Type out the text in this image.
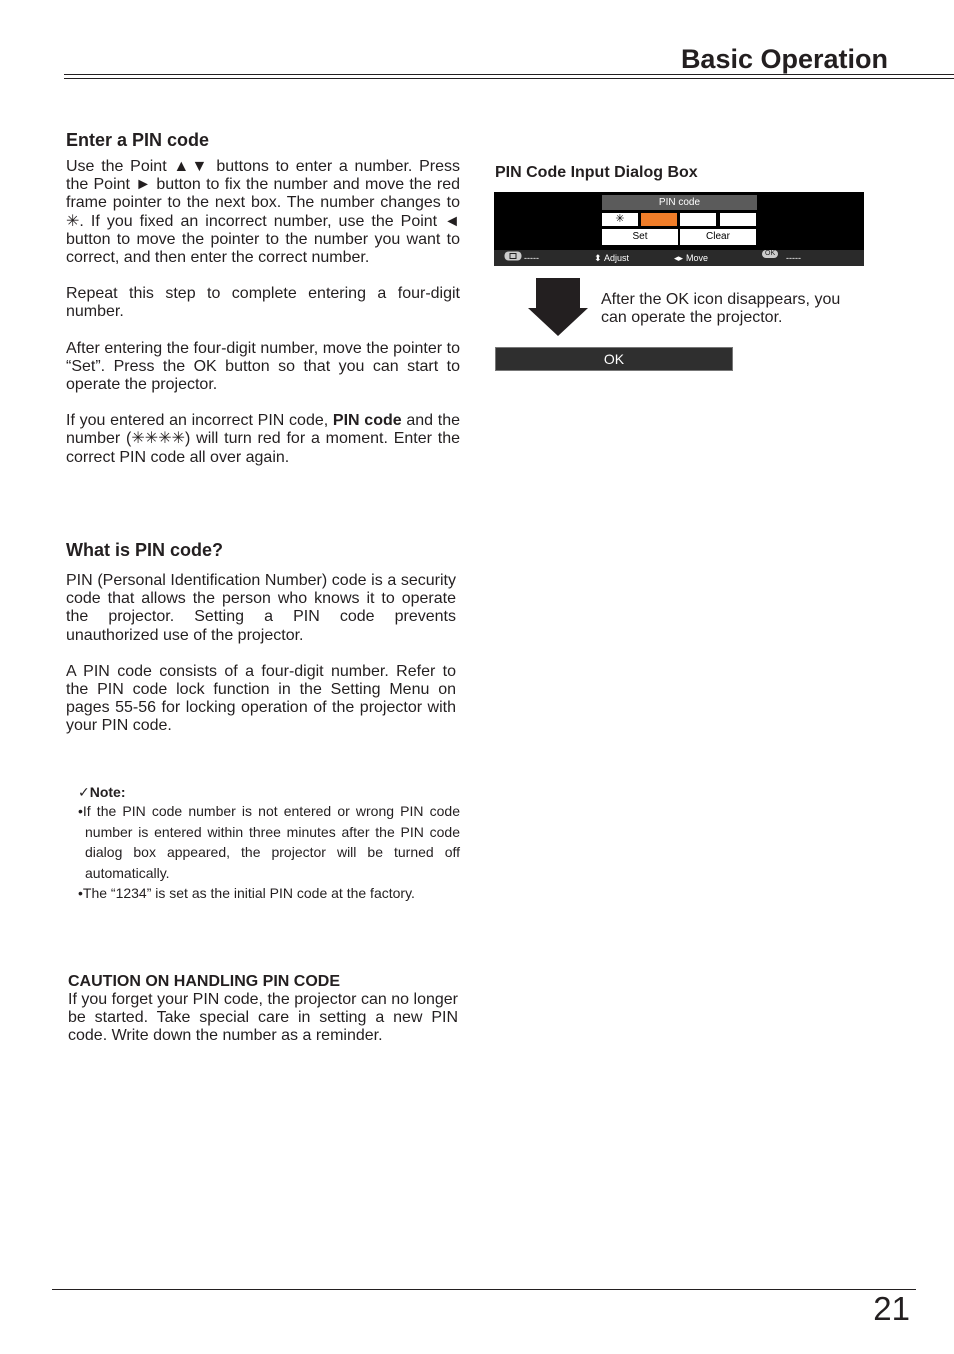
Basic Operation
Enter a PIN code

Use the Point ▲▼ buttons to enter a number. Press the Point ► button to fix the number and move the red frame pointer to the next box. The number changes to ✳. If you fixed an incorrect number, use the Point ◄ button to move the pointer to the number you want to correct, and then enter the correct number.

Repeat this step to complete entering a four-digit number.

After entering the four-digit number, move the pointer to “Set”. Press the OK button so that you can start to operate the projector.

If you entered an incorrect PIN code, PIN code and the number (✳✳✳✳) will turn red for a moment. Enter the correct PIN code all over again.

What is PIN code?

PIN (Personal Identification Number) code is a security code that allows the person who knows it to operate the projector. Setting a PIN code prevents unauthorized use of the projector.

A PIN code consists of a four-digit number. Refer to the PIN code lock function in the Setting Menu on pages 55-56 for locking operation of the projector with your PIN code.

✓Note:

•If the PIN code number is not entered or wrong PIN code number is entered within three minutes after the PIN code dialog box appeared, the projector will be turned off automatically.

•The “1234” is set as the initial PIN code at the factory.

CAUTION ON HANDLING PIN CODE

If you forget your PIN code, the projector can no longer be started. Take special care in setting a new PIN code. Write down the number as a reminder.

PIN Code Input Dialog Box
PIN code
✳
Set	Clear
-----	⬍ Adjust	◂▸ Move	OK	-----
After the OK icon disappears, you can operate the projector.
OK
21
